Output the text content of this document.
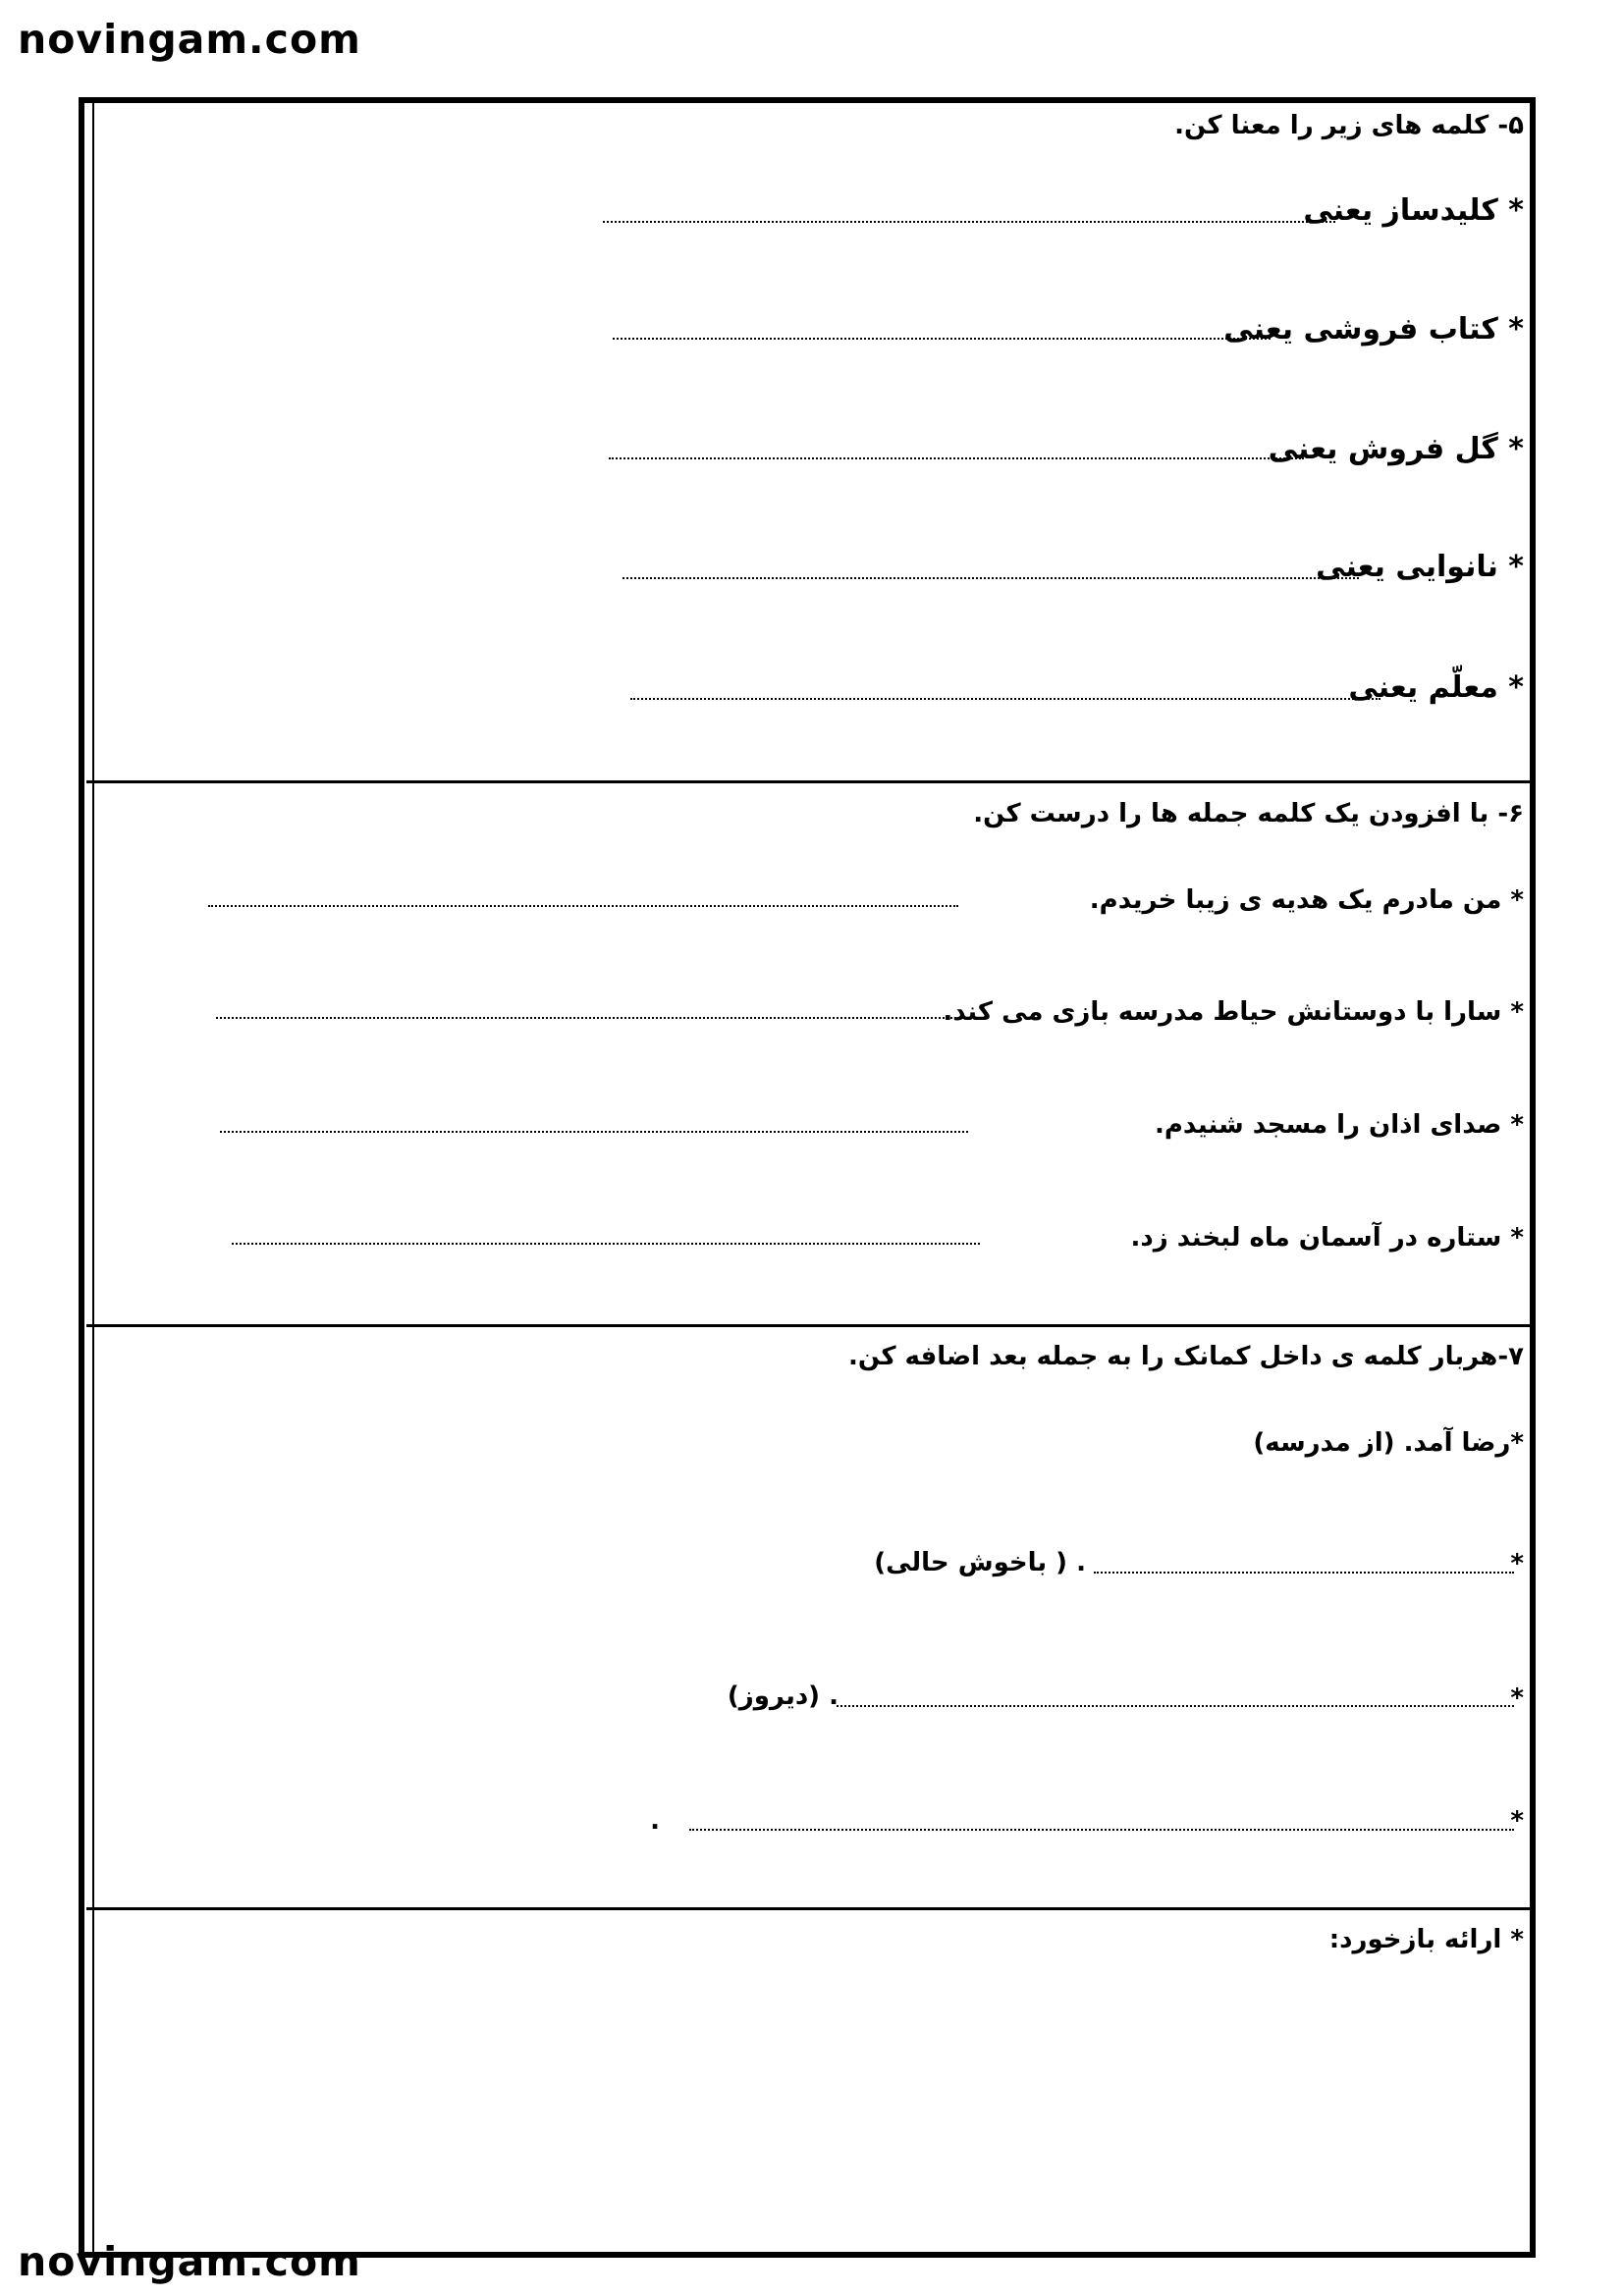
novingam.com
۵- کلمه های زیر را معنا کن.
* کلیدساز یعنی
* کتاب فروشی یعنی
* گل فروش یعنی
* نانوایی یعنی
* معلّم یعنی
۶- با افزودن یک کلمه جمله ها را درست کن.
* من مادرم یک هدیه ی زیبا خریدم.
* سارا با دوستانش حیاط مدرسه بازی می کند.
* صدای اذان را مسجد شنیدم.
* ستاره در آسمان ماه لبخند زد.
۷-هربار کلمه ی داخل کمانک را به جمله بعد اضافه کن.
*رضا آمد. (از مدرسه)
*
. ( باخوش حالی)
*
. (دیروز)
*
.
* ارائه بازخورد:
novingam.com
